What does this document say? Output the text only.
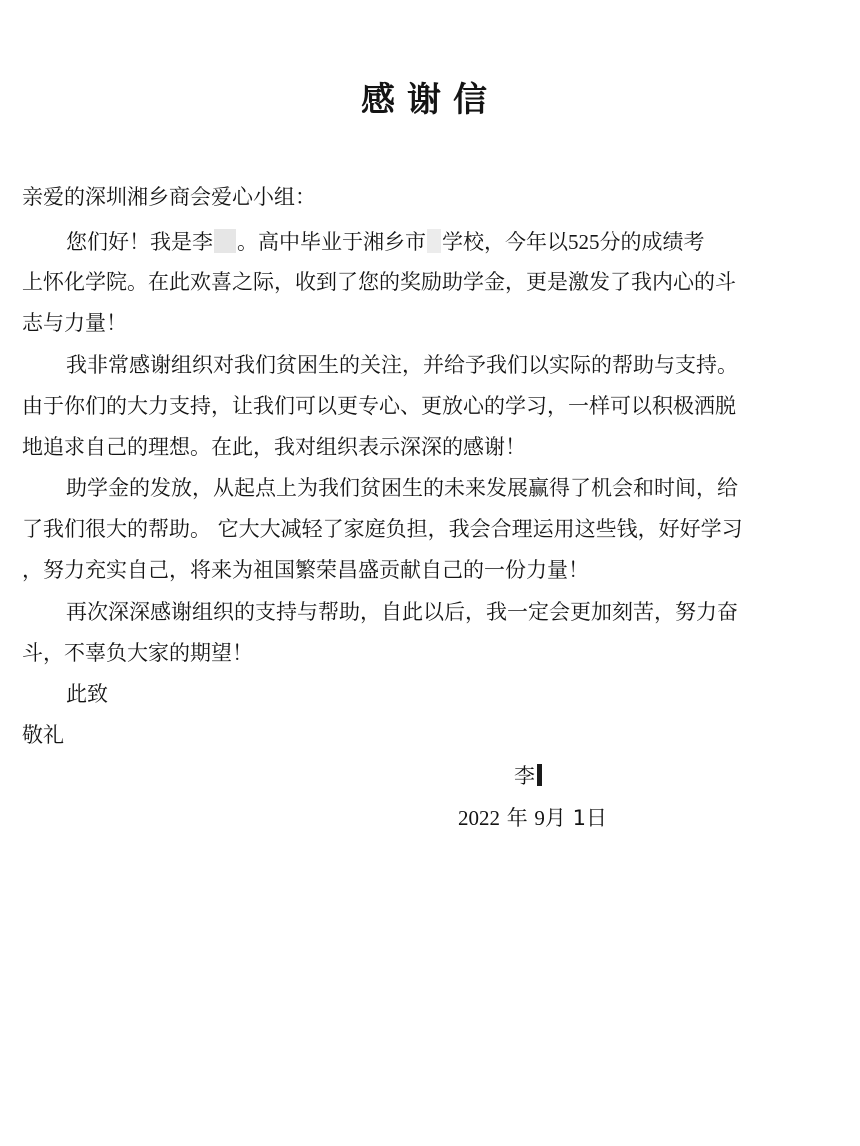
感谢信
亲爱的深圳湘乡商会爱心小组：
您们好！我是李 。高中毕业于湘乡市 学校，今年以525分的成绩考
上怀化学院。在此欢喜之际，收到了您的奖励助学金，更是激发了我内心的斗
志与力量！
我非常感谢组织对我们贫困生的关注，并给予我们以实际的帮助与支持。
由于你们的大力支持，让我们可以更专心、更放心的学习，一样可以积极洒脱
地追求自己的理想。在此，我对组织表示深深的感谢！
助学金的发放，从起点上为我们贫困生的未来发展赢得了机会和时间，给
了我们很大的帮助。 它大大减轻了家庭负担，我会合理运用这些钱，好好学习
，努力充实自己，将来为祖国繁荣昌盛贡献自己的一份力量！
再次深深感谢组织的支持与帮助，自此以后，我一定会更加刻苦，努力奋
斗，不辜负大家的期望！
此致
敬礼
李
2022 年 9月 1日
